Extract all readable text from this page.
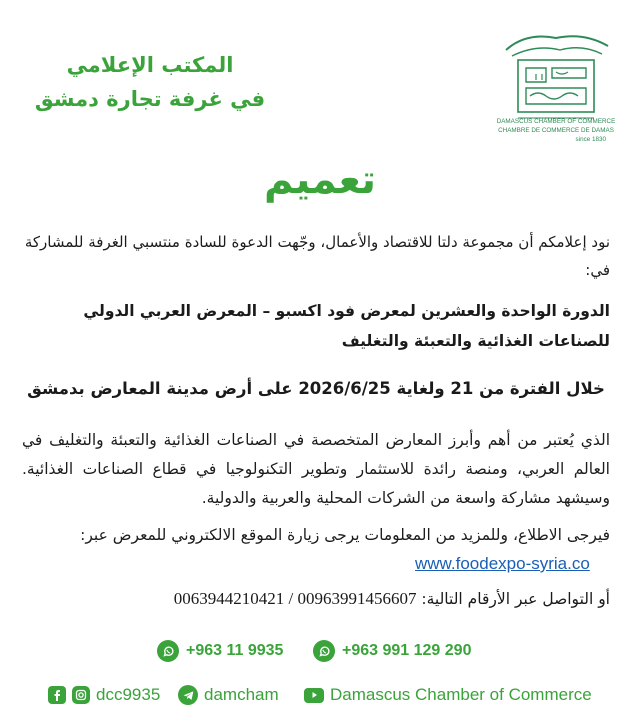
المكتب الإعلامي
في غرفة تجارة دمشق
DAMASCUS CHAMBER OF COMMERCE
CHAMBRE DE COMMERCE DE DAMAS
since 1830
تعميم
نود إعلامكم أن مجموعة دلتا للاقتصاد والأعمال، وجّهت الدعوة للسادة منتسبي الغرفة للمشاركة في:
الدورة الواحدة والعشرين لمعرض فود اكسبو – المعرض العربي الدولي للصناعات الغذائية والتعبئة والتغليف
خلال الفترة من 21 ولغاية 2026/6/25 على أرض مدينة المعارض بدمشق
الذي يُعتبر من أهم وأبرز المعارض المتخصصة في الصناعات الغذائية والتعبئة والتغليف في العالم العربي، ومنصة رائدة للاستثمار وتطوير التكنولوجيا في قطاع الصناعات الغذائية. وسيشهد مشاركة واسعة من الشركات المحلية والعربية والدولية.
فيرجى الاطلاع، وللمزيد من المعلومات يرجى زيارة الموقع الالكتروني للمعرض عبر:
www.foodexpo-syria.co
أو التواصل عبر الأرقام التالية: 00963991456607 / 0063944210421
+963 11 9935	+963 991 129 290
dcc9935	damcham	Damascus Chamber of Commerce
